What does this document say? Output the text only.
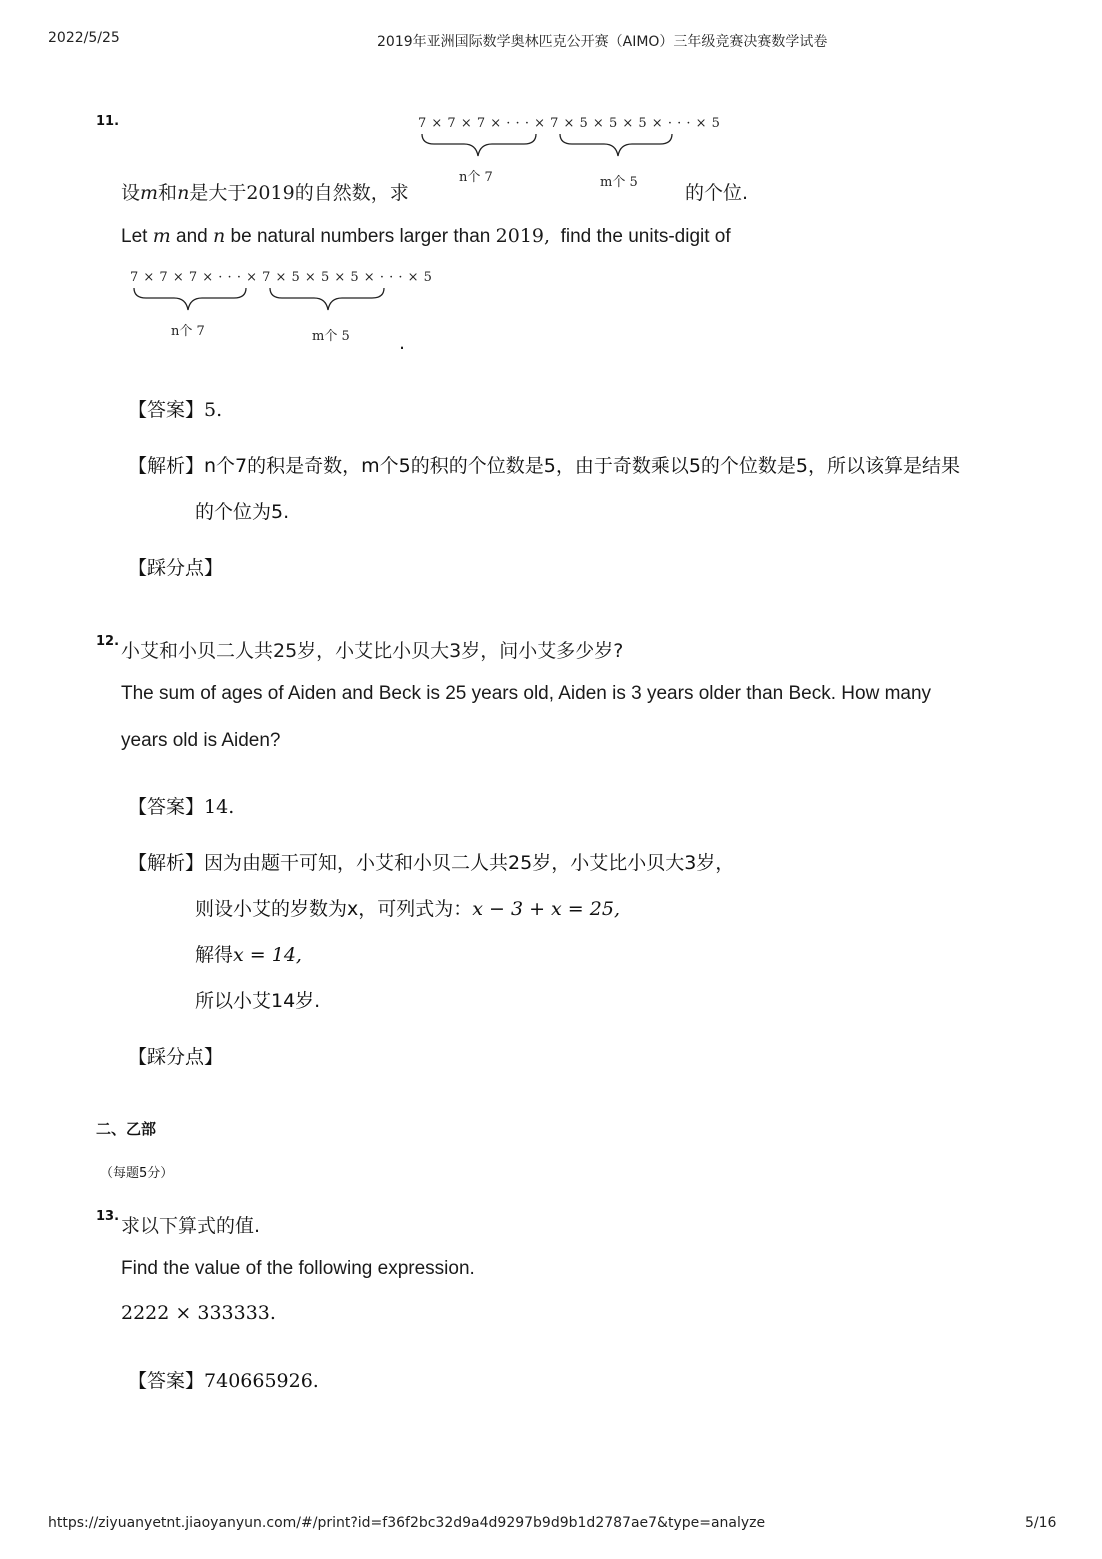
2022/5/25	2019年亚洲国际数学奥林匹克公开赛（AIMO）三年级竞赛决赛数学试卷
11.	7 × 7 × 7 × · · · × 7 × 5 × 5 × 5 × · · · × 5
n个 7	m个 5
设m和n是大于2019的自然数，求	的个位.
Let m and n be natural numbers larger than 2019, find the units-digit of
7 × 7 × 7 × · · · × 7 × 5 × 5 × 5 × · · · × 5
n个 7	m个 5	.
【答案】5.
【解析】n个7的积是奇数，m个5的积的个位数是5，由于奇数乘以5的个位数是5，所以该算是结果
的个位为5.
【踩分点】
12. 小艾和小贝二人共25岁，小艾比小贝大3岁，问小艾多少岁?
The sum of ages of Aiden and Beck is 25 years old, Aiden is 3 years older than Beck. How many
years old is Aiden?
【答案】14.
【解析】因为由题干可知，小艾和小贝二人共25岁，小艾比小贝大3岁，
则设小艾的岁数为x，可列式为：x − 3 + x = 25,
解得x = 14,
所以小艾14岁.
【踩分点】
二、乙部
（每题5分）
13. 求以下算式的值.
Find the value of the following expression.
2222 × 333333.
【答案】740665926.
https://ziyuanyetnt.jiaoyanyun.com/#/print?id=f36f2bc32d9a4d9297b9d9b1d2787ae7&type=analyze	5/16
